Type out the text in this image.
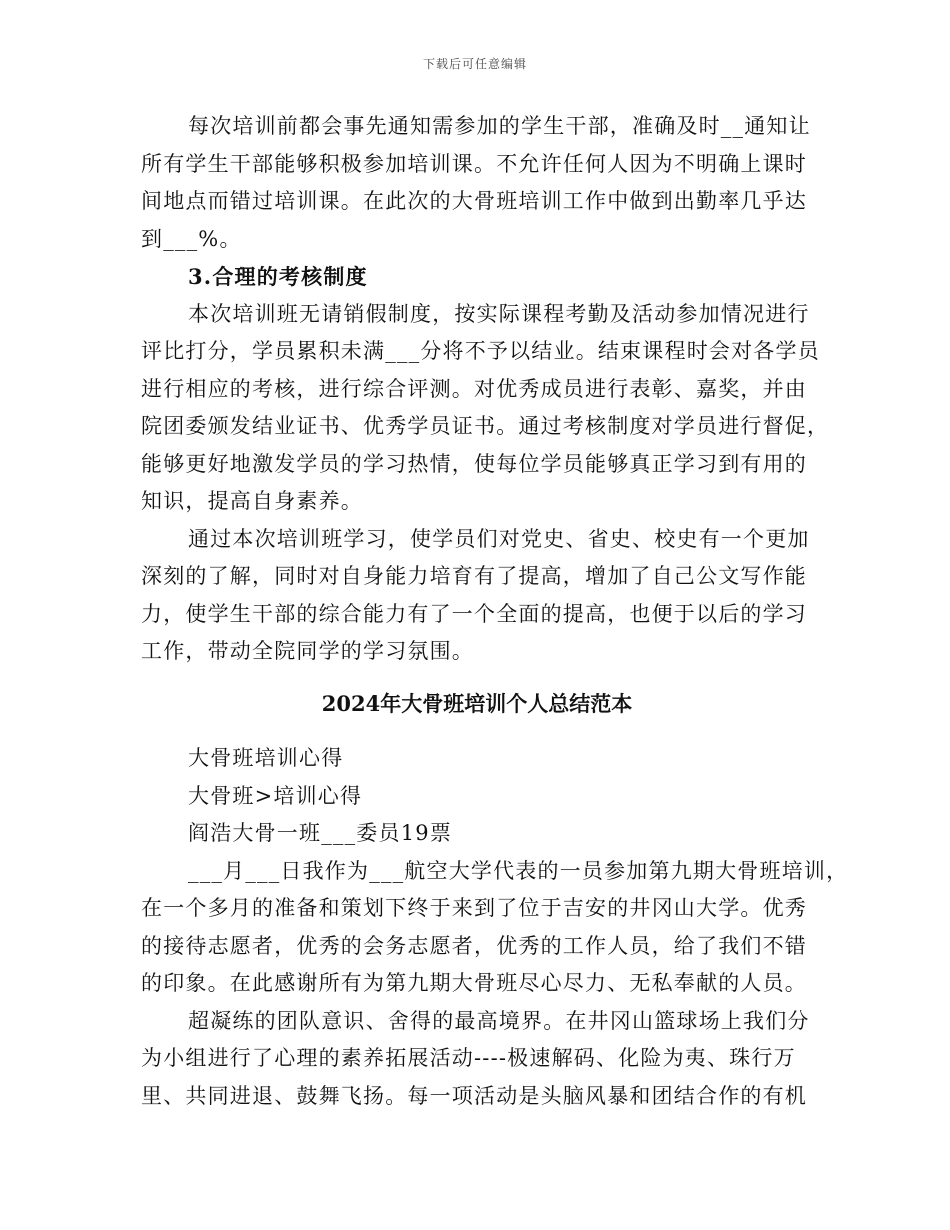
下载后可任意编辑
每次培训前都会事先通知需参加的学生干部，准确及时__通知让
所有学生干部能够积极参加培训课。不允许任何人因为不明确上课时
间地点而错过培训课。在此次的大骨班培训工作中做到出勤率几乎达
到___%。
3.合理的考核制度
本次培训班无请销假制度，按实际课程考勤及活动参加情况进行
评比打分，学员累积未满___分将不予以结业。结束课程时会对各学员
进行相应的考核，进行综合评测。对优秀成员进行表彰、嘉奖，并由
院团委颁发结业证书、优秀学员证书。通过考核制度对学员进行督促，
能够更好地激发学员的学习热情，使每位学员能够真正学习到有用的
知识，提高自身素养。
通过本次培训班学习，使学员们对党史、省史、校史有一个更加
深刻的了解，同时对自身能力培育有了提高，增加了自己公文写作能
力，使学生干部的综合能力有了一个全面的提高，也便于以后的学习
工作，带动全院同学的学习氛围。
2024年大骨班培训个人总结范本
大骨班培训心得
大骨班>培训心得
阎浩大骨一班___委员19票
___月___日我作为___航空大学代表的一员参加第九期大骨班培训，
在一个多月的准备和策划下终于来到了位于吉安的井冈山大学。优秀
的接待志愿者，优秀的会务志愿者，优秀的工作人员，给了我们不错
的印象。在此感谢所有为第九期大骨班尽心尽力、无私奉献的人员。
超凝练的团队意识、舍得的最高境界。在井冈山篮球场上我们分
为小组进行了心理的素养拓展活动----极速解码、化险为夷、珠行万
里、共同进退、鼓舞飞扬。每一项活动是头脑风暴和团结合作的有机
